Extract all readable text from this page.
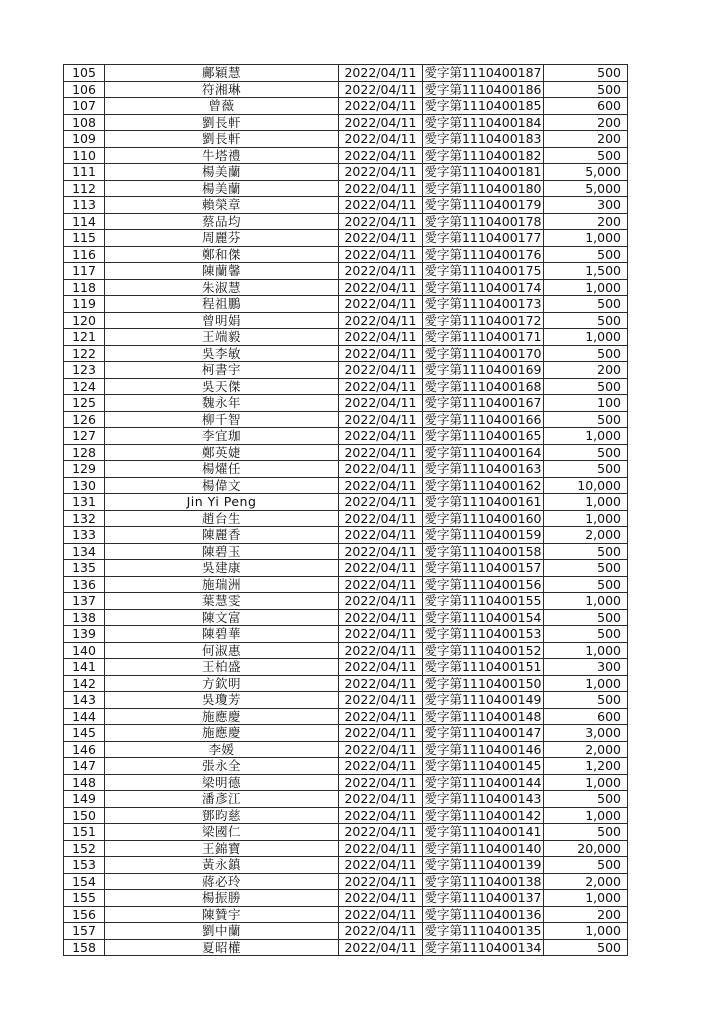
105	鄺穎慧	2022/04/11	愛字第1110400187	500
106	符湘琳	2022/04/11	愛字第1110400186	500
107	曾薇	2022/04/11	愛字第1110400185	600
108	劉長軒	2022/04/11	愛字第1110400184	200
109	劉長軒	2022/04/11	愛字第1110400183	200
110	牛塔禮	2022/04/11	愛字第1110400182	500
111	楊美蘭	2022/04/11	愛字第1110400181	5,000
112	楊美蘭	2022/04/11	愛字第1110400180	5,000
113	賴榮章	2022/04/11	愛字第1110400179	300
114	蔡品均	2022/04/11	愛字第1110400178	200
115	周麗芬	2022/04/11	愛字第1110400177	1,000
116	鄭和傑	2022/04/11	愛字第1110400176	500
117	陳蘭馨	2022/04/11	愛字第1110400175	1,500
118	朱淑慧	2022/04/11	愛字第1110400174	1,000
119	程祖鵬	2022/04/11	愛字第1110400173	500
120	曾明娟	2022/04/11	愛字第1110400172	500
121	王端毅	2022/04/11	愛字第1110400171	1,000
122	吳李敏	2022/04/11	愛字第1110400170	500
123	柯書宇	2022/04/11	愛字第1110400169	200
124	吳天傑	2022/04/11	愛字第1110400168	500
125	魏永年	2022/04/11	愛字第1110400167	100
126	柳千智	2022/04/11	愛字第1110400166	500
127	李宜珈	2022/04/11	愛字第1110400165	1,000
128	鄭英婕	2022/04/11	愛字第1110400164	500
129	楊燿任	2022/04/11	愛字第1110400163	500
130	楊偉文	2022/04/11	愛字第1110400162	10,000
131	Jin Yi Peng	2022/04/11	愛字第1110400161	1,000
132	趙台生	2022/04/11	愛字第1110400160	1,000
133	陳麗香	2022/04/11	愛字第1110400159	2,000
134	陳碧玉	2022/04/11	愛字第1110400158	500
135	吳建康	2022/04/11	愛字第1110400157	500
136	施瑞洲	2022/04/11	愛字第1110400156	500
137	葉慧雯	2022/04/11	愛字第1110400155	1,000
138	陳文富	2022/04/11	愛字第1110400154	500
139	陳碧華	2022/04/11	愛字第1110400153	500
140	何淑惠	2022/04/11	愛字第1110400152	1,000
141	王柏盛	2022/04/11	愛字第1110400151	300
142	方欽明	2022/04/11	愛字第1110400150	1,000
143	吳瓊芳	2022/04/11	愛字第1110400149	500
144	施應慶	2022/04/11	愛字第1110400148	600
145	施應慶	2022/04/11	愛字第1110400147	3,000
146	李媛	2022/04/11	愛字第1110400146	2,000
147	張永全	2022/04/11	愛字第1110400145	1,200
148	梁明德	2022/04/11	愛字第1110400144	1,000
149	潘彥江	2022/04/11	愛字第1110400143	500
150	鄧昀慈	2022/04/11	愛字第1110400142	1,000
151	梁國仁	2022/04/11	愛字第1110400141	500
152	王錦寶	2022/04/11	愛字第1110400140	20,000
153	黃永鎮	2022/04/11	愛字第1110400139	500
154	蔣必玲	2022/04/11	愛字第1110400138	2,000
155	楊振勝	2022/04/11	愛字第1110400137	1,000
156	陳贊宇	2022/04/11	愛字第1110400136	200
157	劉中蘭	2022/04/11	愛字第1110400135	1,000
158	夏昭權	2022/04/11	愛字第1110400134	500
